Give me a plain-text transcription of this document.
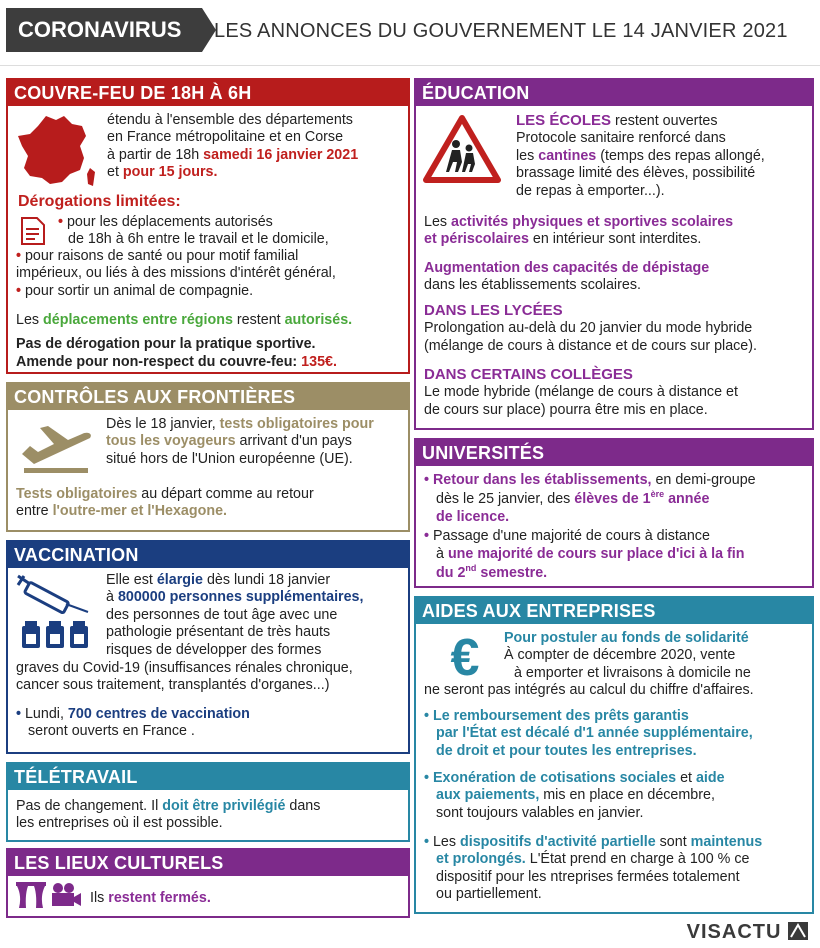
CORONAVIRUS	LES ANNONCES DU GOUVERNEMENT LE 14 JANVIER 2021
COUVRE-FEU DE 18H À 6H

étendu à l'ensemble des départements

en France métropolitaine et en Corse

à partir de 18h samedi 16 janvier 2021

et pour 15 jours.

Dérogations limitées:

• pour les déplacements autorisés

de 18h à 6h entre le travail et le domicile,

• pour raisons de santé ou pour motif familial

impérieux, ou liés à des missions d'intérêt général,

• pour sortir un animal de compagnie.

Les déplacements entre régions restent autorisés.

Pas de dérogation pour la pratique sportive.

Amende pour non-respect du couvre-feu: 135€.

CONTRÔLES AUX FRONTIÈRES

Dès le 18 janvier, tests obligatoires pour

tous les voyageurs arrivant d'un pays

situé hors de l'Union européenne (UE).

Tests obligatoires au départ comme au retour

entre l'outre-mer et l'Hexagone.

VACCINATION

Elle est élargie dès lundi 18 janvier

à 800000 personnes supplémentaires,

des personnes de tout âge avec une

pathologie présentant de très hauts

risques de développer des formes

graves du Covid-19 (insuffisances rénales chronique,

cancer sous traitement, transplantés d'organes...)

• Lundi, 700 centres de vaccination

seront ouverts en France .

TÉLÉTRAVAIL

Pas de changement. Il doit être privilégié dans

les entreprises où il est possible.

LES LIEUX CULTURELS

Ils restent fermés.

ÉDUCATION

LES ÉCOLES restent ouvertes

Protocole sanitaire renforcé dans

les cantines (temps des repas allongé,

brassage limité des élèves, possibilité

de repas à emporter...).

Les activités physiques et sportives scolaires

et périscolaires en intérieur sont interdites.

Augmentation des capacités de dépistage

dans les établissements scolaires.

DANS LES LYCÉES

Prolongation au-delà du 20 janvier du mode hybride

(mélange de cours à distance et de cours sur place).

DANS CERTAINS COLLÈGES

Le mode hybride (mélange de cours à distance et

de cours sur place) pourra être mis en place.

UNIVERSITÉS

• Retour dans les établissements, en demi-groupe

dès le 25 janvier, des élèves de 1ère année

de licence.

• Passage d'une majorité de cours à distance

à une majorité de cours sur place d'ici à la fin

du 2nd semestre.

AIDES AUX ENTREPRISES
€	Pour postuler au fonds de solidarité

À compter de décembre 2020, vente

à emporter et livraisons à domicile ne

ne seront pas intégrés au calcul du chiffre d'affaires.

• Le remboursement des prêts garantis

par l'État est décalé d'1 année supplémentaire,

de droit et pour toutes les entreprises.

• Exonération de cotisations sociales et aide

aux paiements, mis en place en décembre,

sont toujours valables en janvier.

• Les dispositifs d'activité partielle sont maintenus

et prolongés. L'État prend en charge à 100 % ce

dispositif pour les ntreprises fermées totalement

ou partiellement.

VISACTU
